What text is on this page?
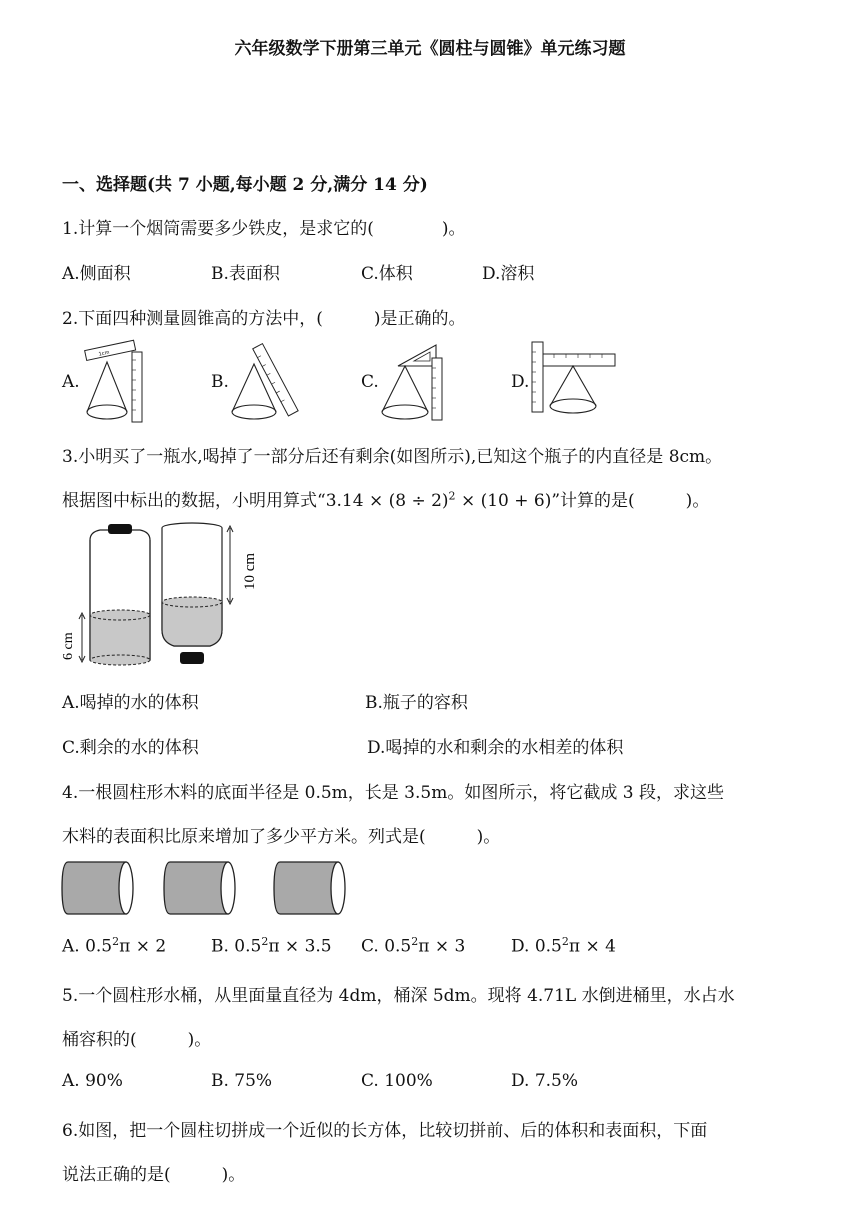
六年级数学下册第三单元《圆柱与圆锥》单元练习题
一、选择题(共 7 小题,每小题 2 分,满分 14 分)
1.计算一个烟筒需要多少铁皮，是求它的(　　　　)。
A.侧面积	B.表面积	C.体积	D.溶积
2.下面四种测量圆锥高的方法中，(　　　)是正确的。
A.	B.	C.	D.
1cm
3.小明买了一瓶水,喝掉了一部分后还有剩余(如图所示),已知这个瓶子的内直径是 8cm。
根据图中标出的数据，小明用算式“$3.14 \times (8 \div 2)^2 \times (10 + 6)$”计算的是(　　　)。
6 cm
10 cm
A.喝掉的水的体积	B.瓶子的容积
C.剩余的水的体积	D.喝掉的水和剩余的水相差的体积
4.一根圆柱形木料的底面半径是 0.5m，长是 3.5m。如图所示，将它截成 3 段，求这些
木料的表面积比原来增加了多少平方米。列式是(　　　)。
A. $0.5^2\pi \times 2$	B. $0.5^2\pi \times 3.5$ C. $0.5^2\pi \times 3$	D. $0.5^2\pi \times 4$
5.一个圆柱形水桶，从里面量直径为 4dm，桶深 5dm。现将 4.71L 水倒进桶里，水占水
桶容积的(　　　)。
A. 90%	B. 75%	C. 100%	D. 7.5%
6.如图，把一个圆柱切拼成一个近似的长方体，比较切拼前、后的体积和表面积，下面
说法正确的是(　　　)。
